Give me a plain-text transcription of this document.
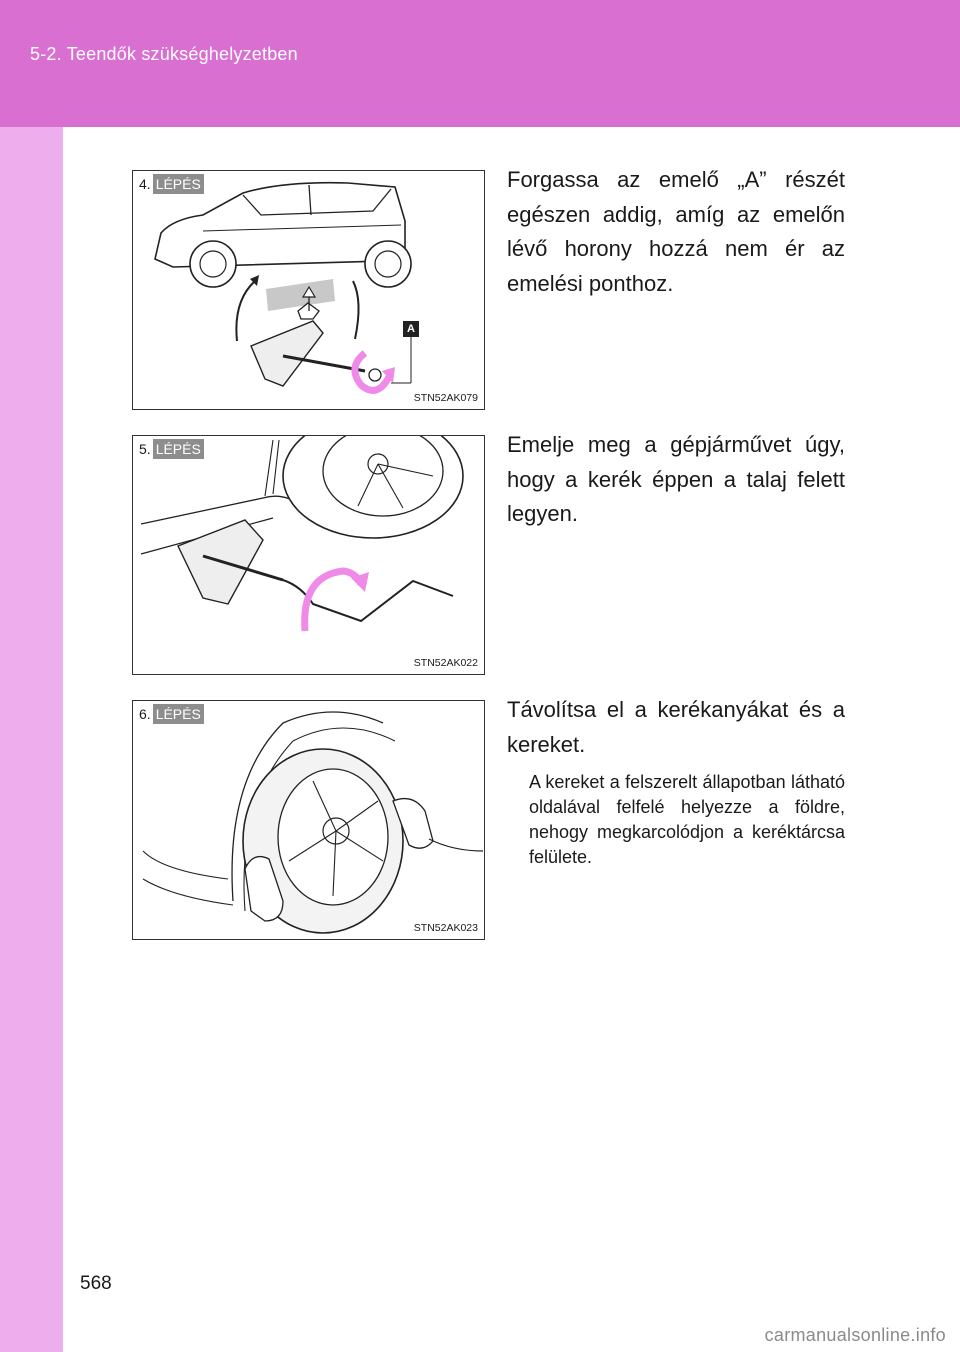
5-2. Teendők szükséghelyzetben
4. LÉPÉS
A
STN52AK079
Forgassa az emelő „A” részét egészen addig, amíg az emelőn lévő horony hozzá nem ér az emelési ponthoz.
5. LÉPÉS
STN52AK022
Emelje meg a gépjárművet úgy, hogy a kerék éppen a talaj felett legyen.
6. LÉPÉS
STN52AK023
Távolítsa el a kerékanyákat és a kereket.
A kereket a felszerelt állapotban látható oldalával felfelé helyezze a földre, nehogy megkarcolódjon a keréktárcsa felülete.
568
carmanualsonline.info
